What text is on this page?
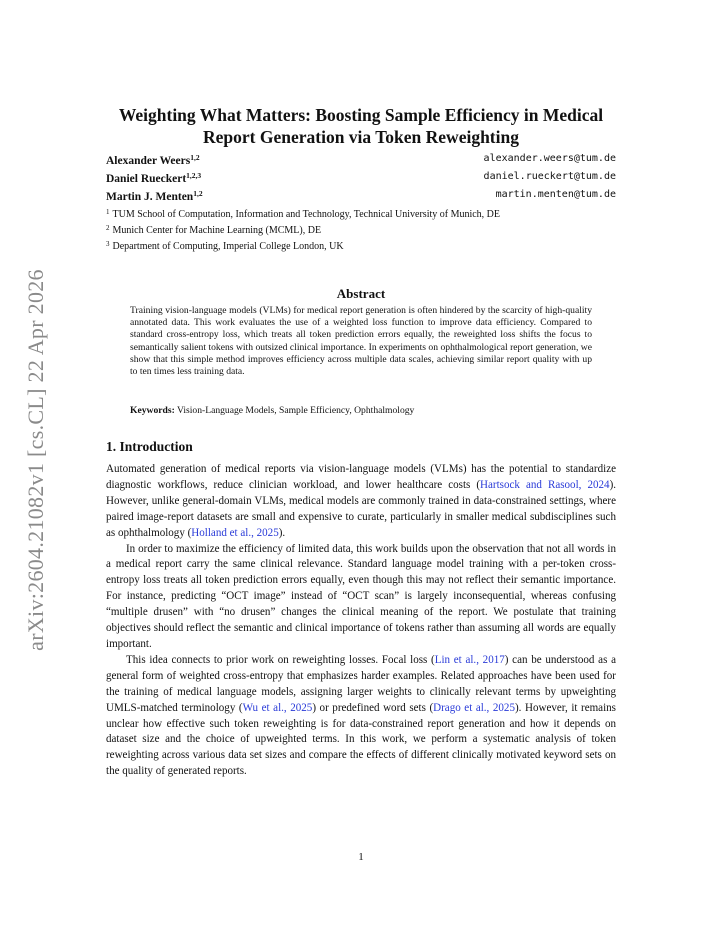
arXiv:2604.21082v1 [cs.CL] 22 Apr 2026
Weighting What Matters: Boosting Sample Efficiency in Medical Report Generation via Token Reweighting
Alexander Weers$^{1,2}$	alexander.weers@tum.de
Daniel Rueckert$^{1,2,3}$	daniel.rueckert@tum.de
Martin J. Menten$^{1,2}$	martin.menten@tum.de
$^1$ TUM School of Computation, Information and Technology, Technical University of Munich, DE
$^2$ Munich Center for Machine Learning (MCML), DE
$^3$ Department of Computing, Imperial College London, UK
Abstract
Training vision-language models (VLMs) for medical report generation is often hindered by the scarcity of high-quality annotated data. This work evaluates the use of a weighted loss function to improve data efficiency. Compared to standard cross-entropy loss, which treats all token prediction errors equally, the reweighted loss shifts the focus to semantically salient tokens with outsized clinical importance. In experiments on ophthalmological report generation, we show that this simple method improves efficiency across multiple data scales, achieving similar report quality with up to ten times less training data.
Keywords: Vision-Language Models, Sample Efficiency, Ophthalmology
1. Introduction

Automated generation of medical reports via vision-language models (VLMs) has the potential to standardize diagnostic workflows, reduce clinician workload, and lower healthcare costs (Hartsock and Rasool, 2024). However, unlike general-domain VLMs, medical models are commonly trained in data-constrained settings, where paired image-report datasets are small and expensive to curate, particularly in smaller medical subdisciplines such as ophthalmology (Holland et al., 2025).

In order to maximize the efficiency of limited data, this work builds upon the observation that not all words in a medical report carry the same clinical relevance. Standard language model training with a per-token cross-entropy loss treats all token prediction errors equally, even though this may not reflect their semantic importance. For instance, predicting “OCT image” instead of “OCT scan” is largely inconsequential, whereas confusing “multiple drusen” with “no drusen” changes the clinical meaning of the report. We postulate that training objectives should reflect the semantic and clinical importance of tokens rather than assuming all words are equally important.

This idea connects to prior work on reweighting losses. Focal loss (Lin et al., 2017) can be understood as a general form of weighted cross-entropy that emphasizes harder examples. Related approaches have been used for the training of medical language models, assigning larger weights to clinically relevant terms by upweighting UMLS-matched terminology (Wu et al., 2025) or predefined word sets (Drago et al., 2025). However, it remains unclear how effective such token reweighting is for data-constrained report generation and how it depends on dataset size and the choice of upweighted terms. In this work, we perform a systematic analysis of token reweighting across various data set sizes and compare the effects of different clinically motivated keyword sets on the quality of generated reports.

1
